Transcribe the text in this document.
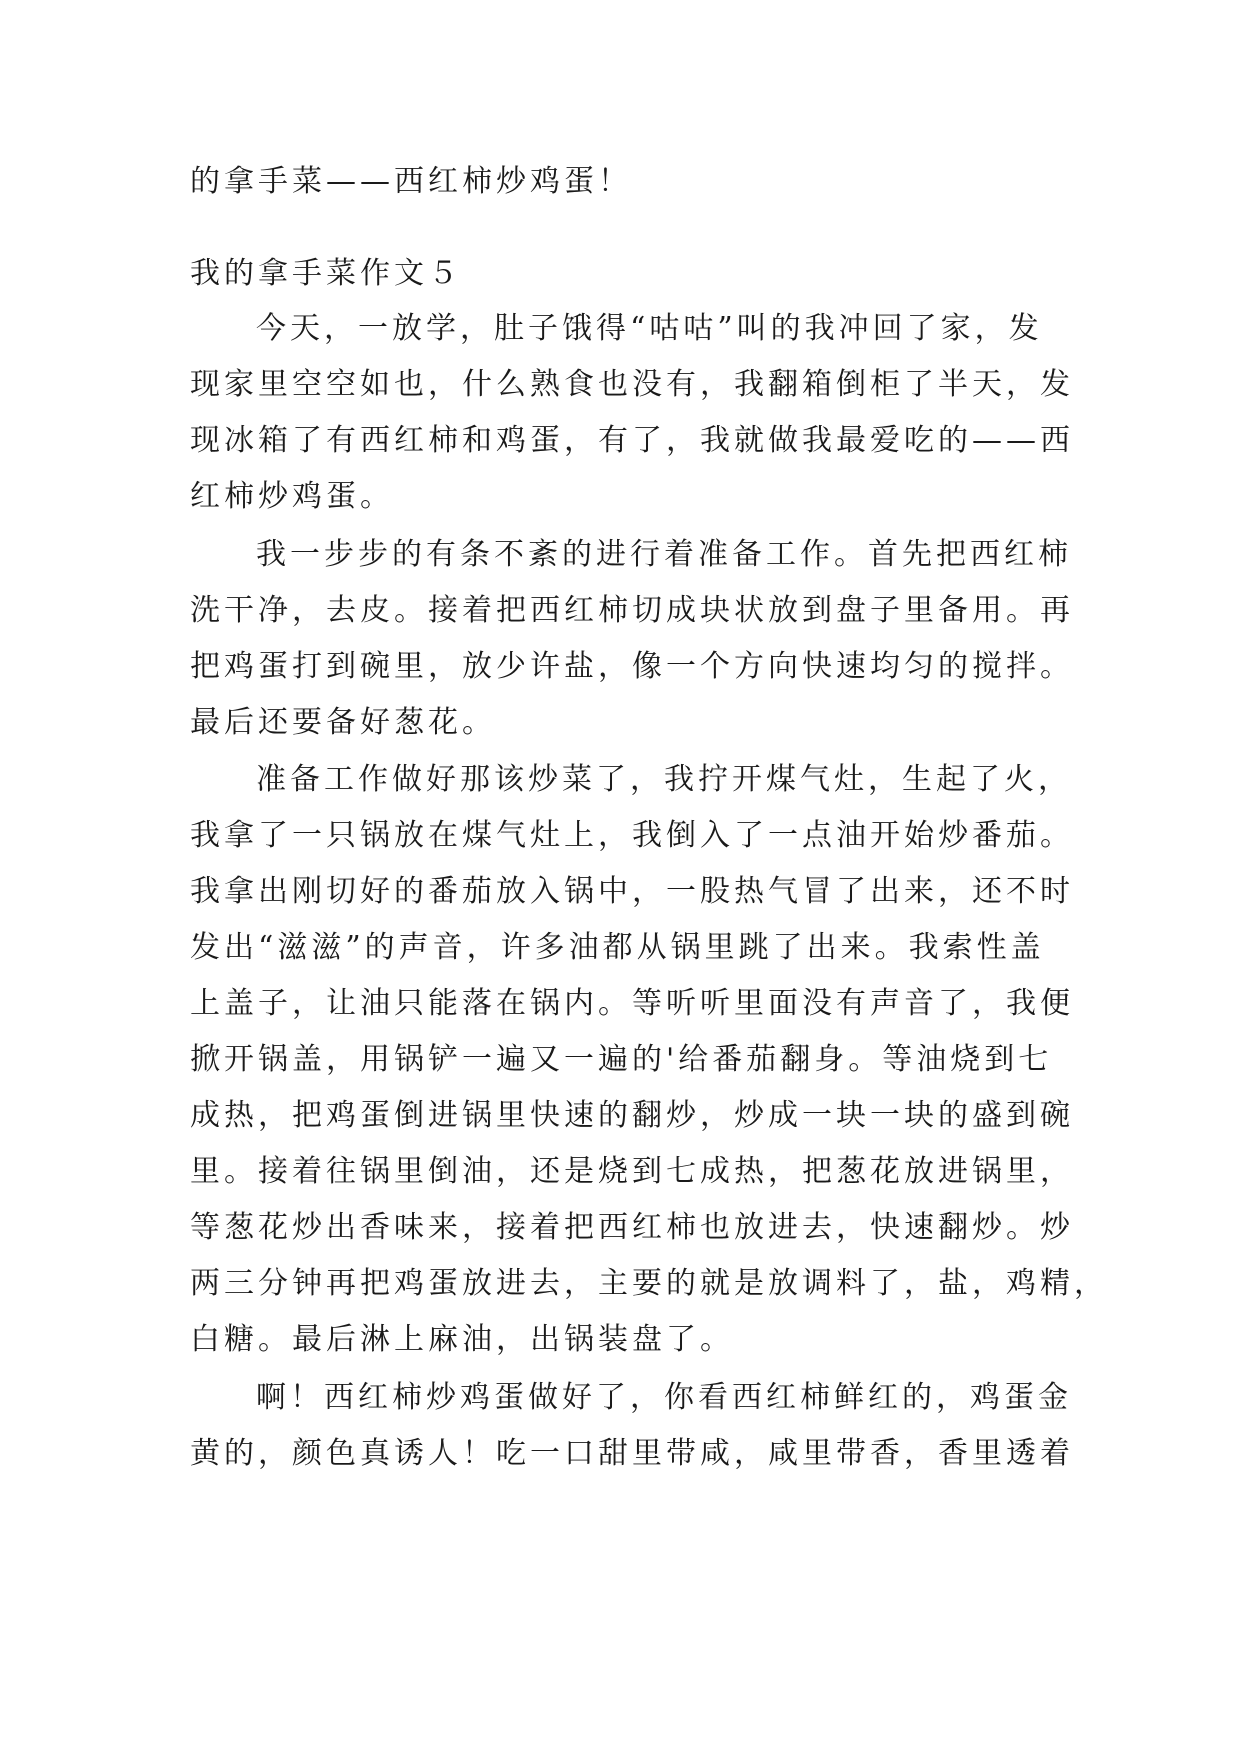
的拿手菜——西红柿炒鸡蛋！
我的拿手菜作文５
今天，一放学，肚子饿得“咕咕”叫的我冲回了家，发
现家里空空如也，什么熟食也没有，我翻箱倒柜了半天，发
现冰箱了有西红柿和鸡蛋，有了，我就做我最爱吃的——西
红柿炒鸡蛋。
我一步步的有条不紊的进行着准备工作。首先把西红柿
洗干净，去皮。接着把西红柿切成块状放到盘子里备用。再
把鸡蛋打到碗里，放少许盐，像一个方向快速均匀的搅拌。
最后还要备好葱花。
准备工作做好那该炒菜了，我拧开煤气灶，生起了火，
我拿了一只锅放在煤气灶上，我倒入了一点油开始炒番茄。
我拿出刚切好的番茄放入锅中，一股热气冒了出来，还不时
发出“滋滋”的声音，许多油都从锅里跳了出来。我索性盖
上盖子，让油只能落在锅内。等听听里面没有声音了，我便
掀开锅盖，用锅铲一遍又一遍的'给番茄翻身。等油烧到七
成热，把鸡蛋倒进锅里快速的翻炒，炒成一块一块的盛到碗
里。接着往锅里倒油，还是烧到七成热，把葱花放进锅里，
等葱花炒出香味来，接着把西红柿也放进去，快速翻炒。炒
两三分钟再把鸡蛋放进去，主要的就是放调料了，盐，鸡精，
白糖。最后淋上麻油，出锅装盘了。
啊！西红柿炒鸡蛋做好了，你看西红柿鲜红的，鸡蛋金
黄的，颜色真诱人！吃一口甜里带咸，咸里带香，香里透着
